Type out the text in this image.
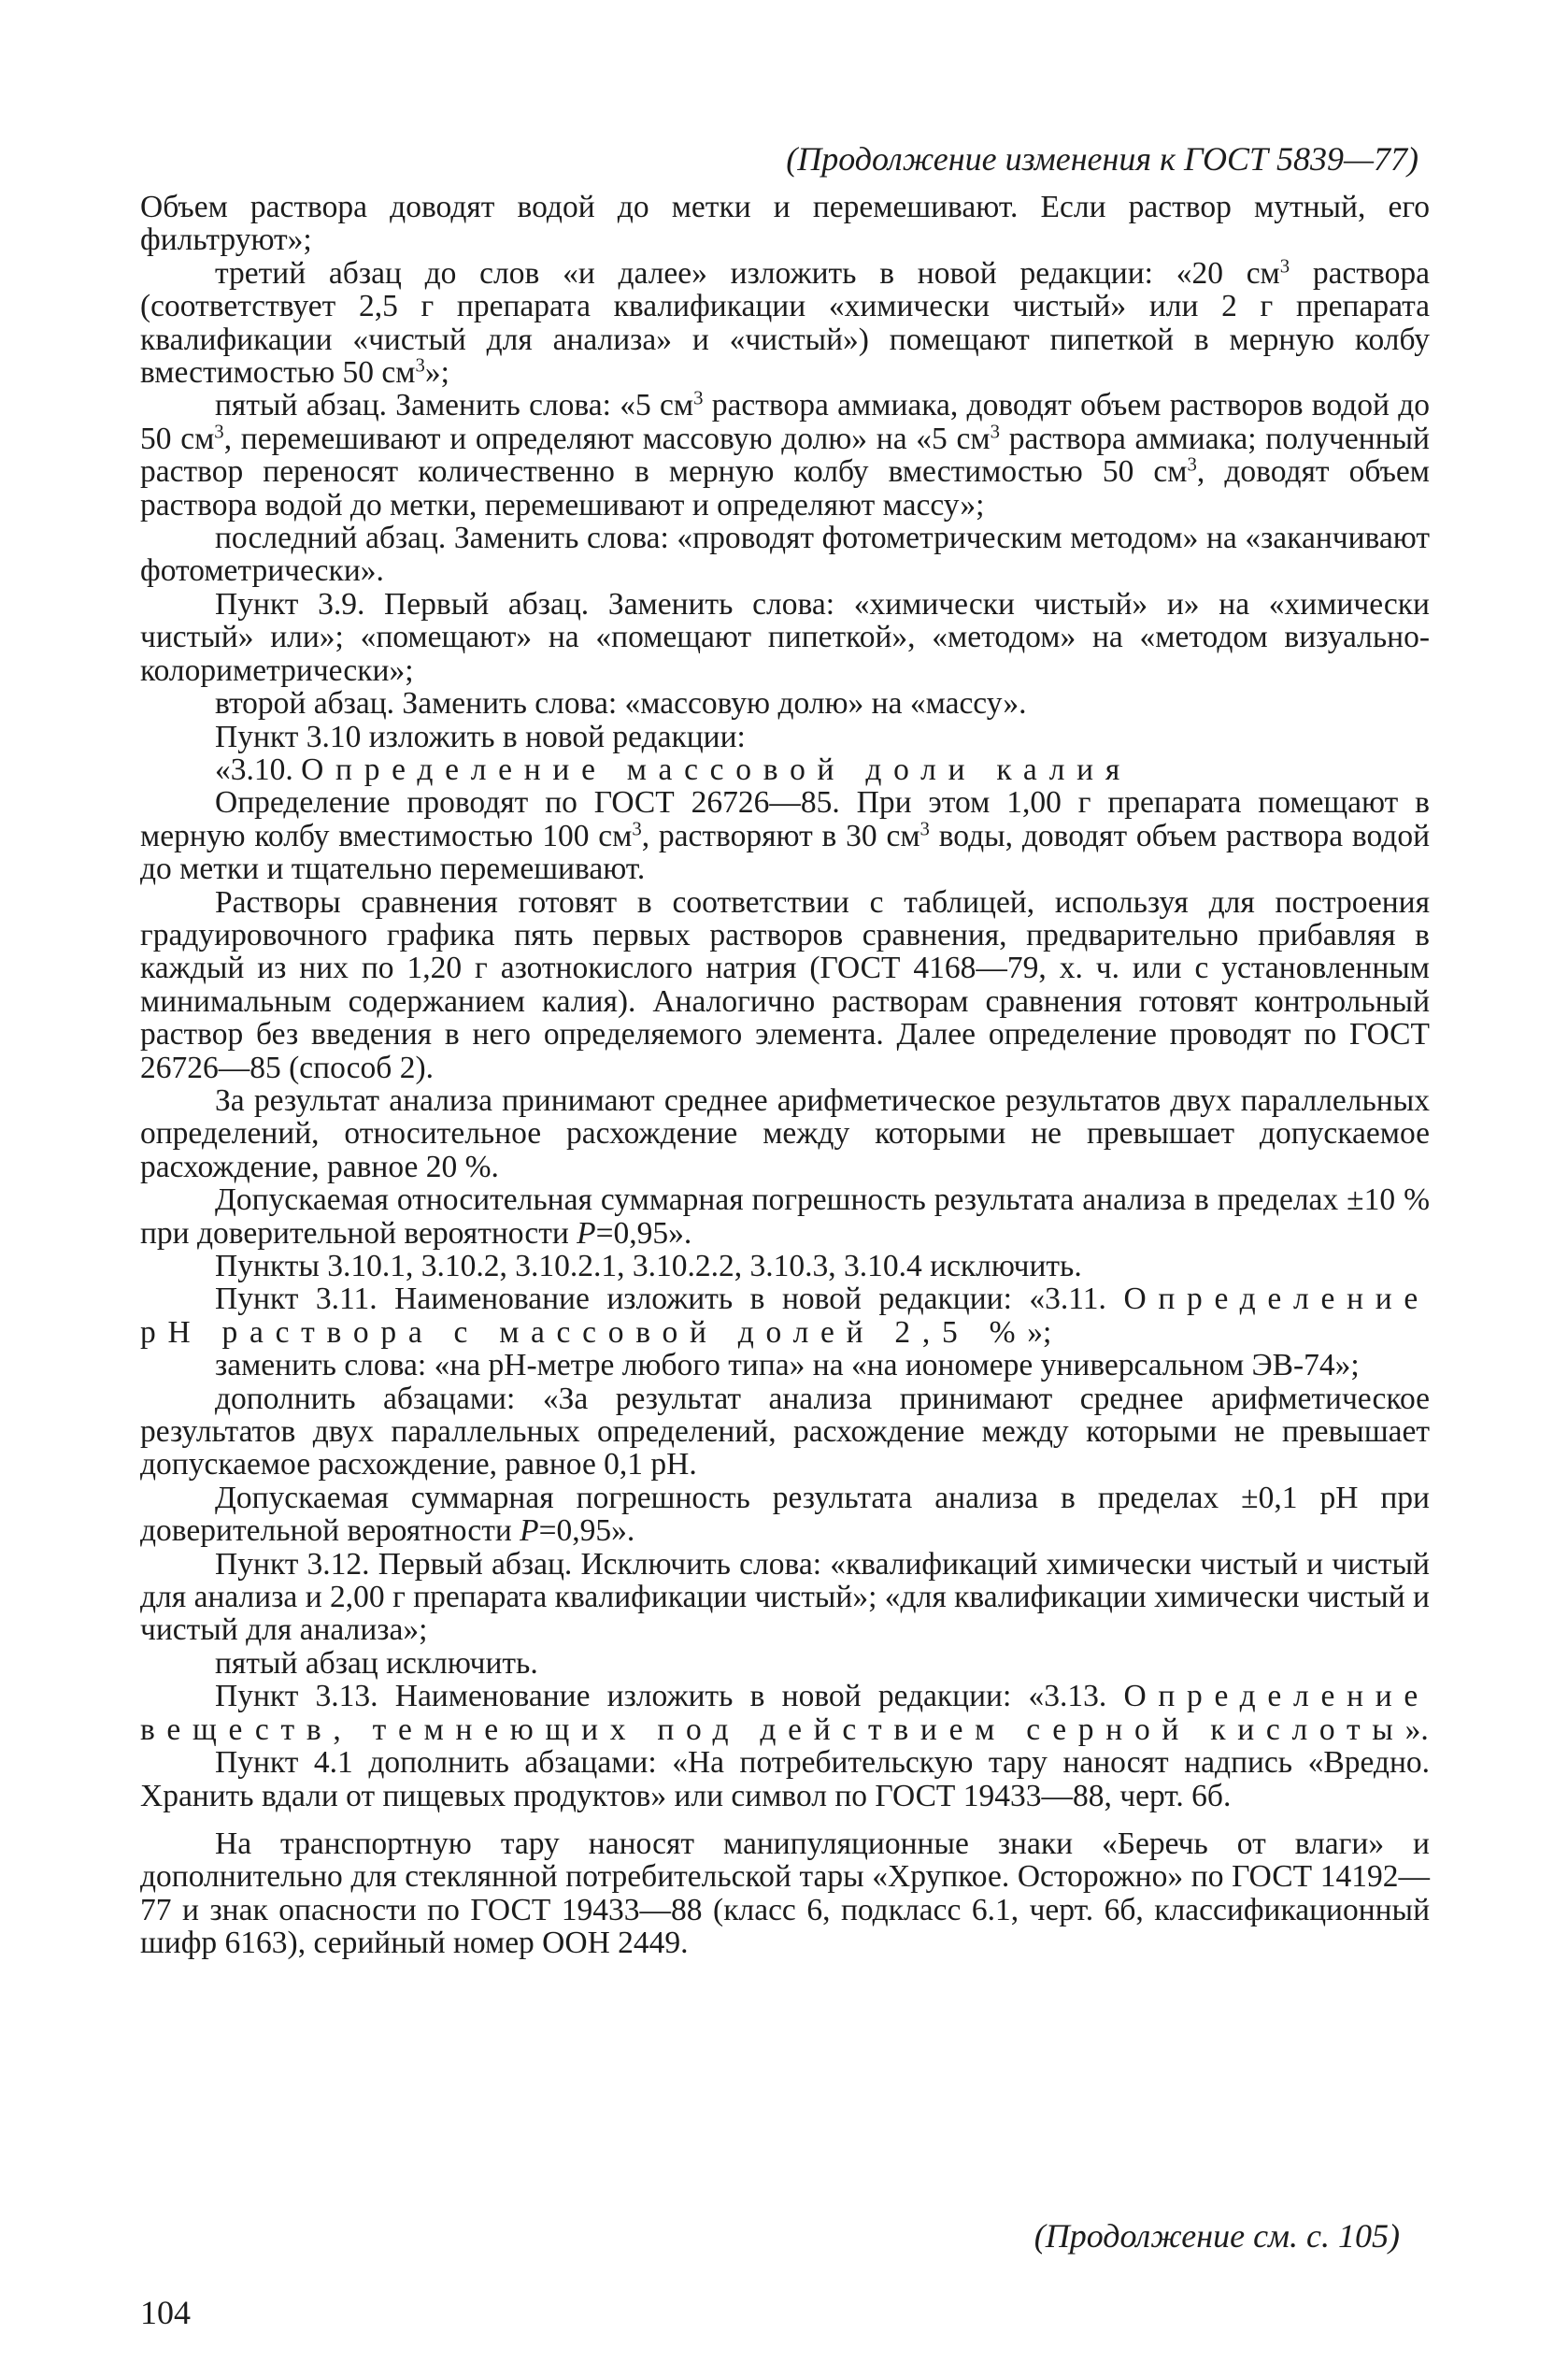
(Продолжение изменения к ГОСТ 5839—77)

Объем раствора доводят водой до метки и перемешивают. Если раствор мутный, его фильтруют»;

третий абзац до слов «и далее» изложить в новой редакции: «20 $см^3$ раствора (соответствует 2,5 г препарата квалификации «химически чистый» или 2 г препарата квалификации «чистый для анализа» и «чистый») помещают пипеткой в мерную колбу вместимостью 50 $см^3$»;

пятый абзац. Заменить слова: «5 $см^3$ раствора аммиака, доводят объем растворов водой до 50 $см^3$, перемешивают и определяют массовую долю» на «5 $см^3$ раствора аммиака; полученный раствор переносят количественно в мерную колбу вместимостью 50 $см^3$, доводят объем раствора водой до метки, перемешивают и определяют массу»;

последний абзац. Заменить слова: «проводят фотометрическим методом» на «заканчивают фотометрически».

Пункт 3.9. Первый абзац. Заменить слова: «химически чистый» и» на «химически чистый» или»; «помещают» на «помещают пипеткой», «методом» на «методом визуально-колориметрически»;

второй абзац. Заменить слова: «массовую долю» на «массу».

Пункт 3.10 изложить в новой редакции:

«3.10. Определение массовой доли калия

Определение проводят по ГОСТ 26726—85. При этом 1,00 г препарата помещают в мерную колбу вместимостью 100 $см^3$, растворяют в 30 $см^3$ воды, доводят объем раствора водой до метки и тщательно перемешивают.

Растворы сравнения готовят в соответствии с таблицей, используя для построения градуировочного графика пять первых растворов сравнения, предварительно прибавляя в каждый из них по 1,20 г азотнокислого натрия (ГОСТ 4168—79, х. ч. или с установленным минимальным содержанием калия). Аналогично растворам сравнения готовят контрольный раствор без введения в него определяемого элемента. Далее определение проводят по ГОСТ 26726—85 (способ 2).

За результат анализа принимают среднее арифметическое результатов двух параллельных определений, относительное расхождение между которыми не превышает допускаемое расхождение, равное 20 %.

Допускаемая относительная суммарная погрешность результата анализа в пределах ±10 % при доверительной вероятности P=0,95».

Пункты 3.10.1, 3.10.2, 3.10.2.1, 3.10.2.2, 3.10.3, 3.10.4 исключить.

Пункт 3.11. Наименование изложить в новой редакции: «3.11. Определение pH раствора с массовой долей 2,5 %»;

заменить слова: «на pH-метре любого типа» на «на иономере универсальном ЭВ-74»;

дополнить абзацами: «За результат анализа принимают среднее арифметическое результатов двух параллельных определений, расхождение между которыми не превышает допускаемое расхождение, равное 0,1 pH.

Допускаемая суммарная погрешность результата анализа в пределах ±0,1 pH при доверительной вероятности P=0,95».

Пункт 3.12. Первый абзац. Исключить слова: «квалификаций химически чистый и чистый для анализа и 2,00 г препарата квалификации чистый»; «для квалификации химически чистый и чистый для анализа»;

пятый абзац исключить.

Пункт 3.13. Наименование изложить в новой редакции: «3.13. Определение веществ, темнеющих под действием серной кислоты».

Пункт 4.1 дополнить абзацами: «На потребительскую тару наносят надпись «Вредно. Хранить вдали от пищевых продуктов» или символ по ГОСТ 19433—88, черт. 6б.

На транспортную тару наносят манипуляционные знаки «Беречь от влаги» и дополнительно для стеклянной потребительской тары «Хрупкое. Осторожно» по ГОСТ 14192—77 и знак опасности по ГОСТ 19433—88 (класс 6, подкласс 6.1, черт. 6б, классификационный шифр 6163), серийный номер ООН 2449.

(Продолжение см. с. 105)
104
